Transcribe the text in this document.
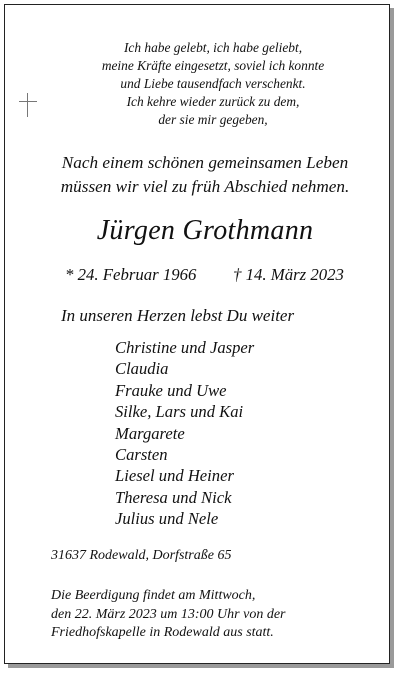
Ich habe gelebt, ich habe geliebt,
meine Kräfte eingesetzt, soviel ich konnte
und Liebe tausendfach verschenkt.
Ich kehre wieder zurück zu dem,
der sie mir gegeben,
Nach einem schönen gemeinsamen Leben
müssen wir viel zu früh Abschied nehmen.
Jürgen Grothmann
* 24. Februar 1966 † 14. März 2023
In unseren Herzen lebst Du weiter
Christine und Jasper
Claudia
Frauke und Uwe
Silke, Lars und Kai
Margarete
Carsten
Liesel und Heiner
Theresa und Nick
Julius und Nele
31637 Rodewald, Dorfstraße 65
Die Beerdigung findet am Mittwoch,
den 22. März 2023 um 13:00 Uhr von der
Friedhofskapelle in Rodewald aus statt.
